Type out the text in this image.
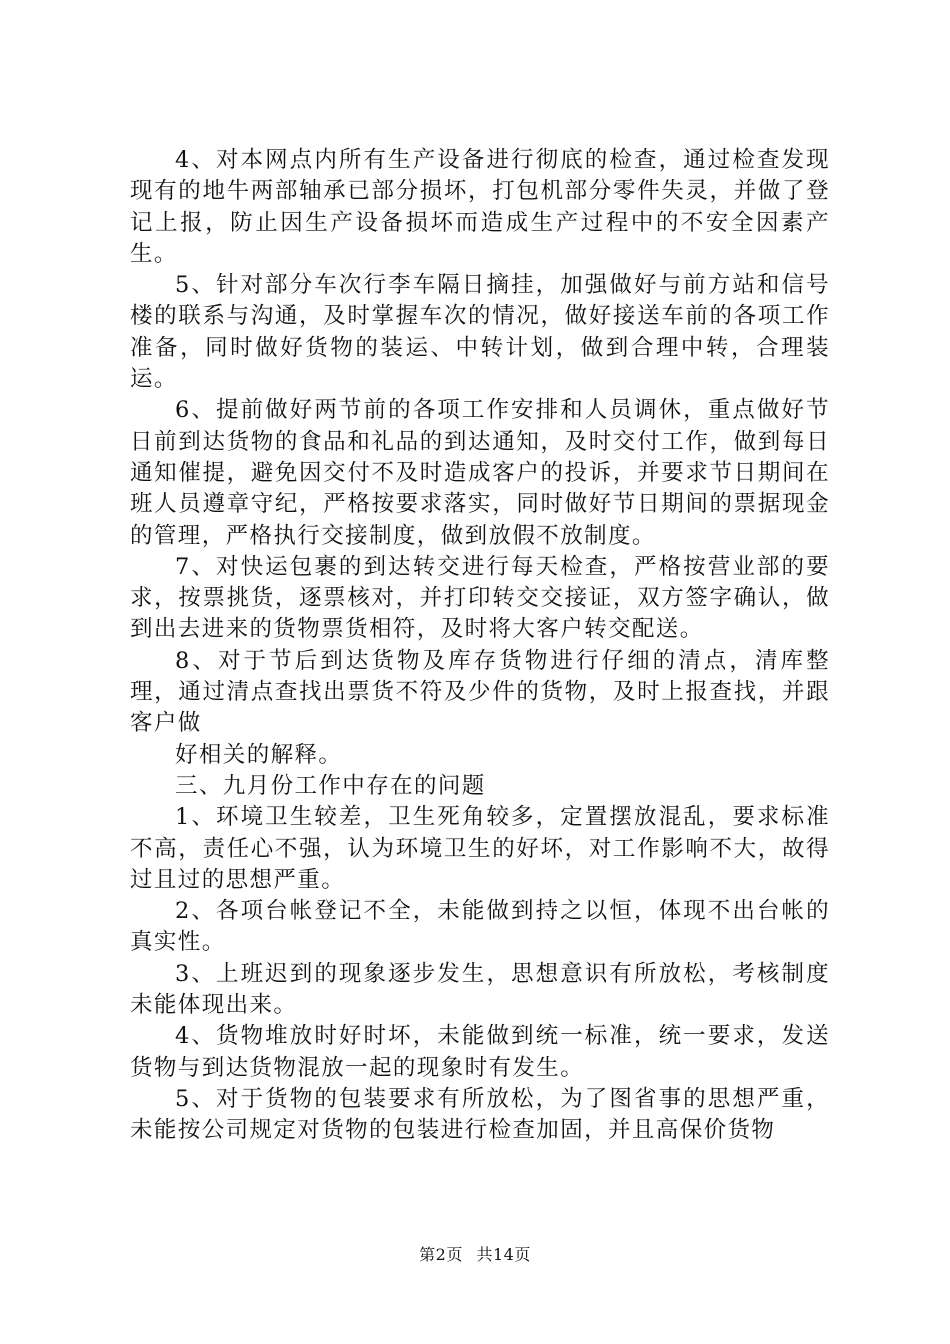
4、对本网点内所有生产设备进行彻底的检查，通过检查发现现有的地牛两部轴承已部分损坏，打包机部分零件失灵，并做了登记上报，防止因生产设备损坏而造成生产过程中的不安全因素产生。

5、针对部分车次行李车隔日摘挂，加强做好与前方站和信号楼的联系与沟通，及时掌握车次的情况，做好接送车前的各项工作准备，同时做好货物的装运、中转计划，做到合理中转，合理装运。

6、提前做好两节前的各项工作安排和人员调休，重点做好节日前到达货物的食品和礼品的到达通知，及时交付工作，做到每日通知催提，避免因交付不及时造成客户的投诉，并要求节日期间在班人员遵章守纪，严格按要求落实，同时做好节日期间的票据现金的管理，严格执行交接制度，做到放假不放制度。

7、对快运包裹的到达转交进行每天检查，严格按营业部的要求，按票挑货，逐票核对，并打印转交交接证，双方签字确认，做到出去进来的货物票货相符，及时将大客户转交配送。

8、对于节后到达货物及库存货物进行仔细的清点，清库整理，通过清点查找出票货不符及少件的货物，及时上报查找，并跟客户做

好相关的解释。

三、九月份工作中存在的问题

1、环境卫生较差，卫生死角较多，定置摆放混乱，要求标准不高，责任心不强，认为环境卫生的好坏，对工作影响不大，故得过且过的思想严重。

2、各项台帐登记不全，未能做到持之以恒，体现不出台帐的真实性。

3、上班迟到的现象逐步发生，思想意识有所放松，考核制度未能体现出来。

4、货物堆放时好时坏，未能做到统一标准，统一要求，发送货物与到达货物混放一起的现象时有发生。

5、对于货物的包装要求有所放松，为了图省事的思想严重，未能按公司规定对货物的包装进行检查加固，并且高保价货物

第2页 共14页
